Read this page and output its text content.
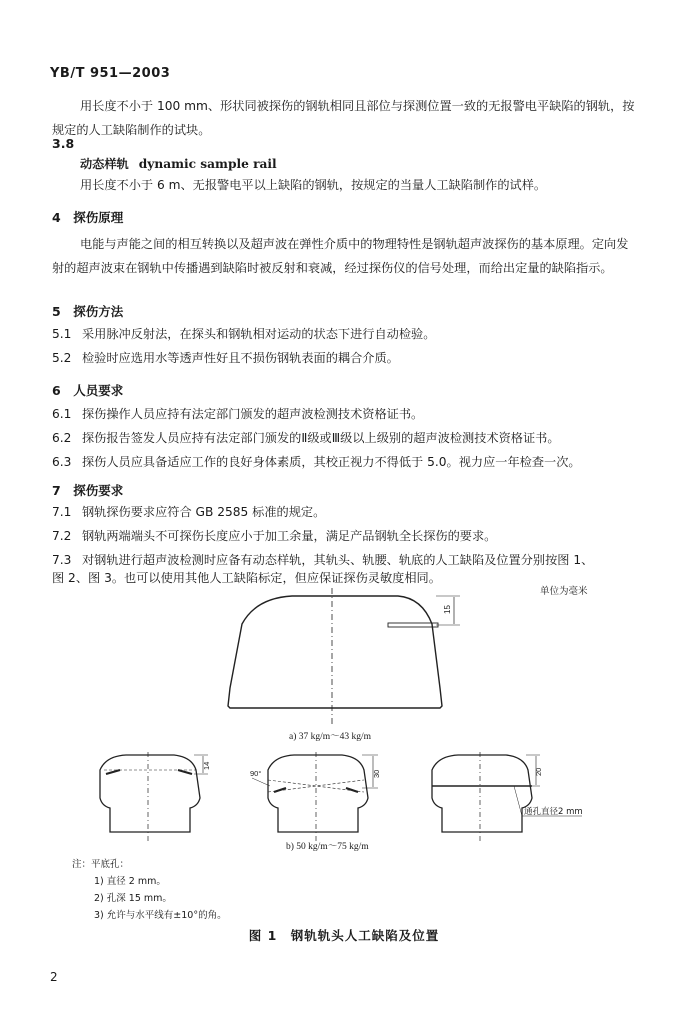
YB/T 951—2003
用长度不小于 100 mm、形状同被探伤的钢轨相同且部位与探测位置一致的无报警电平缺陷的钢轨，按规定的人工缺陷制作的试块。
3.8
动态样轨 dynamic sample rail
用长度不小于 6 m、无报警电平以上缺陷的钢轨，按规定的当量人工缺陷制作的试样。
4　探伤原理
电能与声能之间的相互转换以及超声波在弹性介质中的物理特性是钢轨超声波探伤的基本原理。定向发射的超声波束在钢轨中传播遇到缺陷时被反射和衰减，经过探伤仪的信号处理，而给出定量的缺陷指示。
5　探伤方法
5.1 采用脉冲反射法，在探头和钢轨相对运动的状态下进行自动检验。
5.2 检验时应选用水等透声性好且不损伤钢轨表面的耦合介质。
6　人员要求
6.1 探伤操作人员应持有法定部门颁发的超声波检测技术资格证书。
6.2 探伤报告签发人员应持有法定部门颁发的Ⅱ级或Ⅲ级以上级别的超声波检测技术资格证书。
6.3 探伤人员应具备适应工作的良好身体素质，其校正视力不得低于 5.0。视力应一年检查一次。
7　探伤要求
7.1 钢轨探伤要求应符合 GB 2585 标准的规定。
7.2 钢轨两端端头不可探伤长度应小于加工余量，满足产品钢轨全长探伤的要求。
7.3 对钢轨进行超声波检测时应备有动态样轨，其轨头、轨腰、轨底的人工缺陷及位置分别按图 1、
图 2、图 3。也可以使用其他人工缺陷标定，但应保证探伤灵敏度相同。
单位为毫米
15
a) 37 kg/m～43 kg/m
14
90°	30	20
通孔直径2 mm
b) 50 kg/m～75 kg/m
注：平底孔：
1) 直径 2 mm。
2) 孔深 15 mm。
3) 允许与水平线有±10°的角。
图 1　钢轨轨头人工缺陷及位置
2
